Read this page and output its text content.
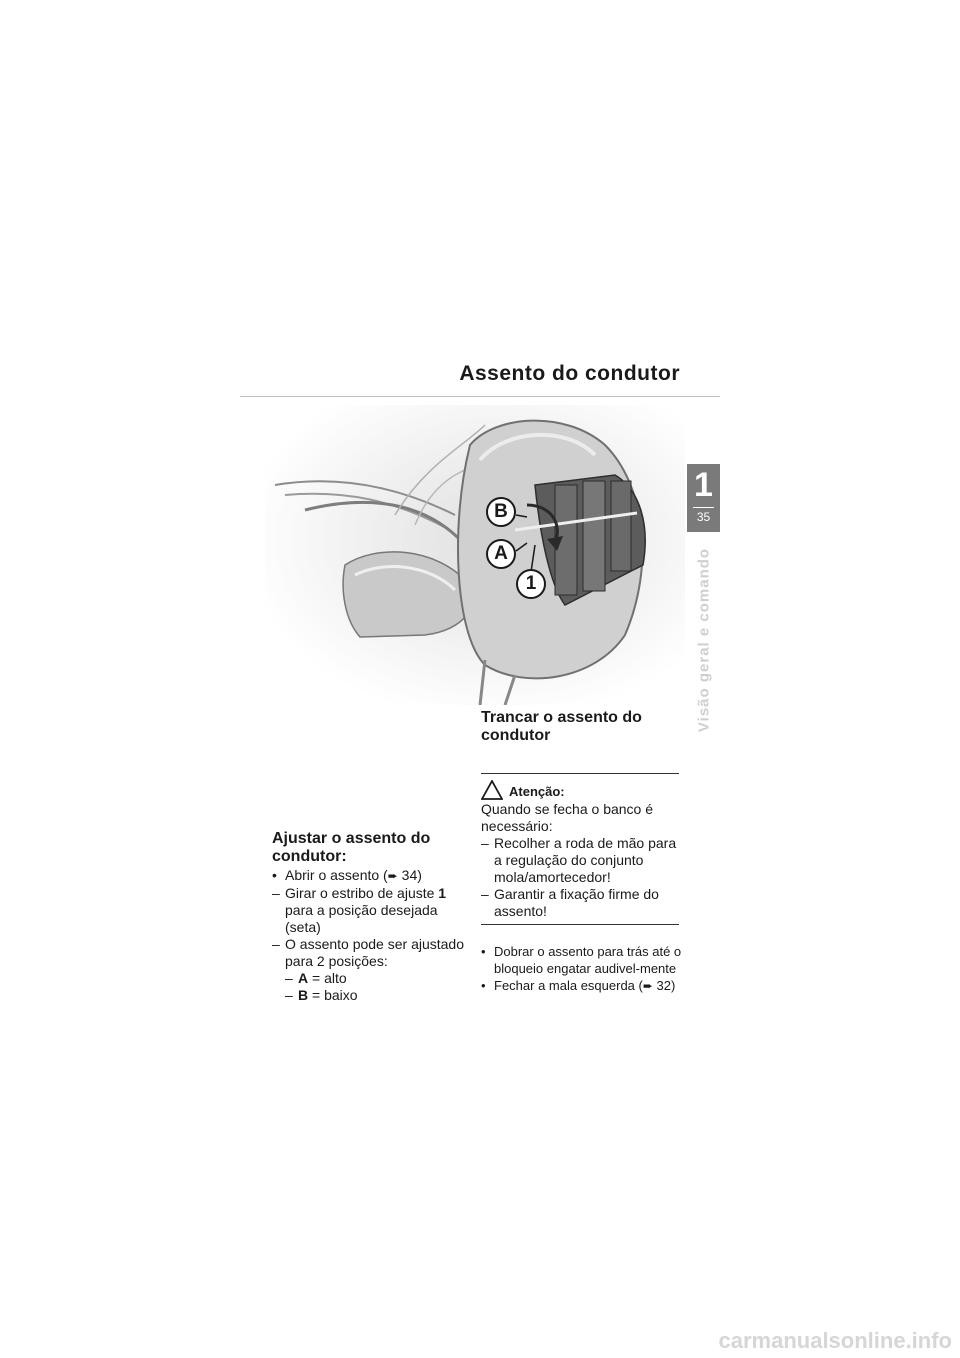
Assento do condutor
1
35
Visão geral e comando
B
A
1
Ajustar o assento do condutor:
• Abrir o assento (➨ 34)
– Girar o estribo de ajuste 1 para a posição desejada (seta)
– O assento pode ser ajustado para 2 posições:
– A = alto
– B = baixo
Trancar o assento do condutor
Atenção:
Quando se fecha o banco é necessário:
– Recolher a roda de mão para a regulação do conjunto mola/amortecedor!
– Garantir a fixação firme do assento!
• Dobrar o assento para trás até o bloqueio engatar audivel-mente
• Fechar a mala esquerda (➨ 32)
carmanualsonline.info
